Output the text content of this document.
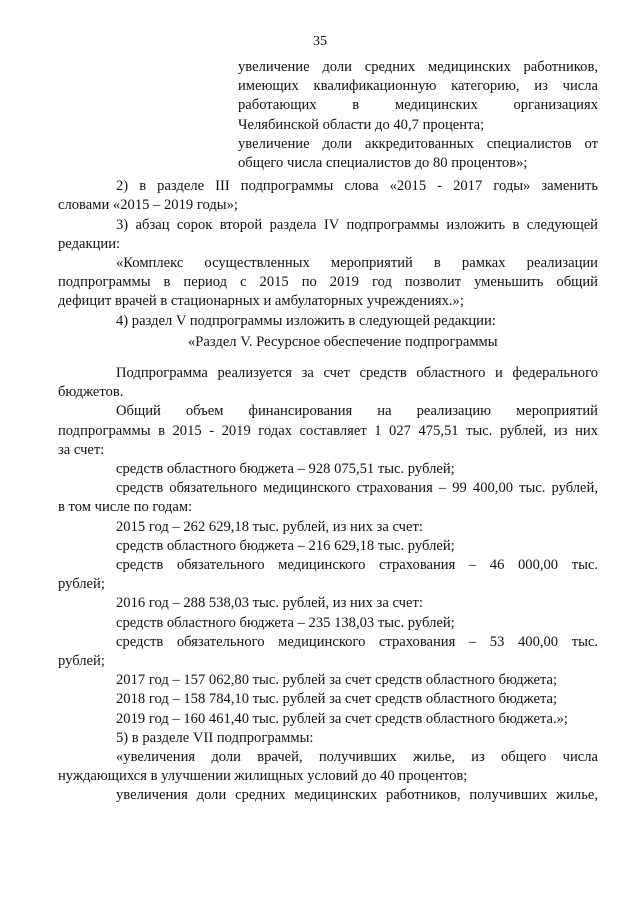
35
увеличение доли средних медицинских работников,
имеющих квалификационную категорию, из числа
работающих в медицинских организациях
Челябинской области до 40,7 процента;
увеличение доли аккредитованных специалистов от
общего числа специалистов до 80 процентов»;
2) в разделе III подпрограммы слова «2015 - 2017 годы» заменить
словами «2015 – 2019 годы»;
3) абзац сорок второй раздела IV подпрограммы изложить в следующей
редакции:
«Комплекс осуществленных мероприятий в рамках реализации
подпрограммы в период с 2015 по 2019 год позволит уменьшить общий
дефицит врачей в стационарных и амбулаторных учреждениях.»;
4) раздел V подпрограммы изложить в следующей редакции:
«Раздел V. Ресурсное обеспечение подпрограммы
Подпрограмма реализуется за счет средств областного и федерального
бюджетов.
Общий объем финансирования на реализацию мероприятий
подпрограммы в 2015 - 2019 годах составляет 1 027 475,51 тыс. рублей, из них
за счет:
средств областного бюджета – 928 075,51 тыс. рублей;
средств обязательного медицинского страхования – 99 400,00 тыс. рублей,
в том числе по годам:
2015 год – 262 629,18 тыс. рублей, из них за счет:
средств областного бюджета – 216 629,18 тыс. рублей;
средств обязательного медицинского страхования – 46 000,00 тыс.
рублей;
2016 год – 288 538,03 тыс. рублей, из них за счет:
средств областного бюджета – 235 138,03 тыс. рублей;
средств обязательного медицинского страхования – 53 400,00 тыс.
рублей;
2017 год – 157 062,80 тыс. рублей за счет средств областного бюджета;
2018 год – 158 784,10 тыс. рублей за счет средств областного бюджета;
2019 год – 160 461,40 тыс. рублей за счет средств областного бюджета.»;
5) в разделе VII подпрограммы:
«увеличения доли врачей, получивших жилье, из общего числа
нуждающихся в улучшении жилищных условий до 40 процентов;
увеличения доли средних медицинских работников, получивших жилье,
